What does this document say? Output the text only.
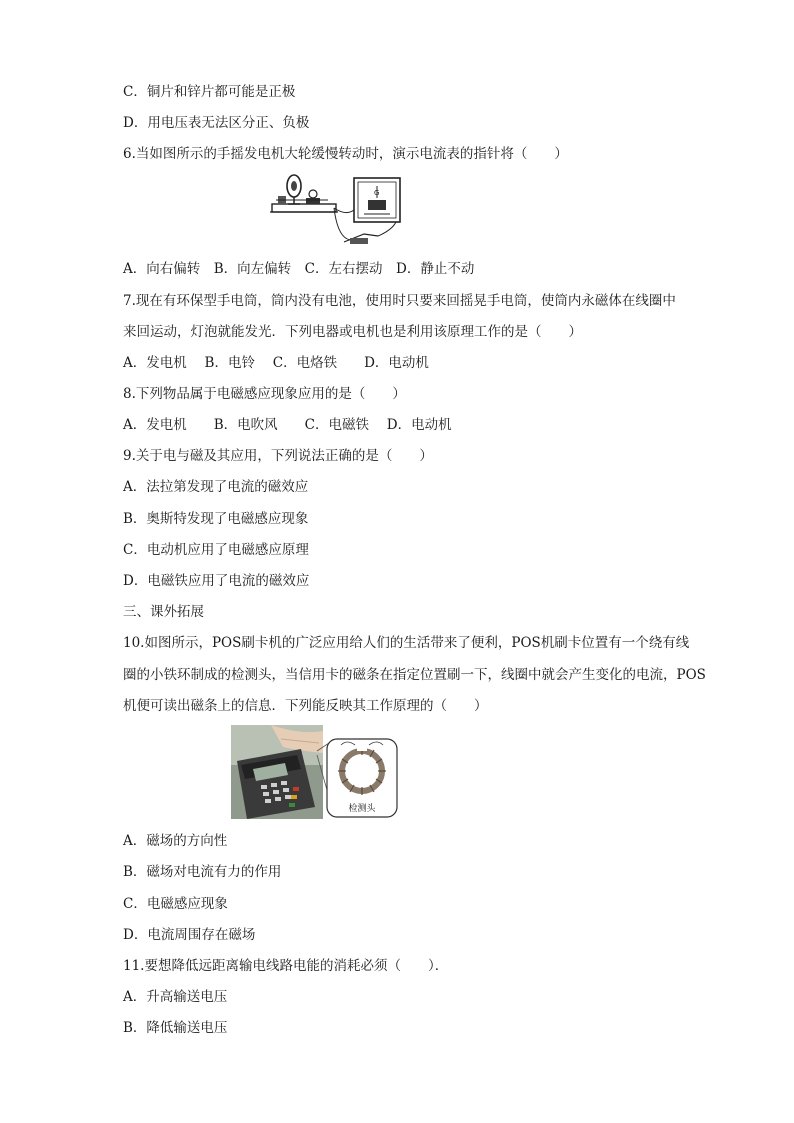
C．铜片和锌片都可能是正极
D．用电压表无法区分正、负极
6.当如图所示的手摇发电机大轮缓慢转动时，演示电流表的指针将（　　）
G
A．向右偏转　B．向左偏转　C．左右摆动　D．静止不动
7.现在有环保型手电筒，筒内没有电池，使用时只要来回摇晃手电筒，使筒内永磁体在线圈中
来回运动，灯泡就能发光．下列电器或电机也是利用该原理工作的是（　　）
A．发电机　 B．电铃　 C．电烙铁　　D．电动机
8.下列物品属于电磁感应现象应用的是（　　）
A．发电机　　B．电吹风　　C．电磁铁　 D．电动机
9.关于电与磁及其应用，下列说法正确的是（　　）
A．法拉第发现了电流的磁效应
B．奥斯特发现了电磁感应现象
C．电动机应用了电磁感应原理
D．电磁铁应用了电流的磁效应
三、课外拓展
10.如图所示，POS刷卡机的广泛应用给人们的生活带来了便利，POS机刷卡位置有一个绕有线
圈的小铁环制成的检测头，当信用卡的磁条在指定位置刷一下，线圈中就会产生变化的电流，POS
机便可读出磁条上的信息．下列能反映其工作原理的（　　）
检测头
A．磁场的方向性
B．磁场对电流有力的作用
C．电磁感应现象
D．电流周围存在磁场
11.要想降低远距离输电线路电能的消耗必须（　　）．
A．升高输送电压
B．降低输送电压
